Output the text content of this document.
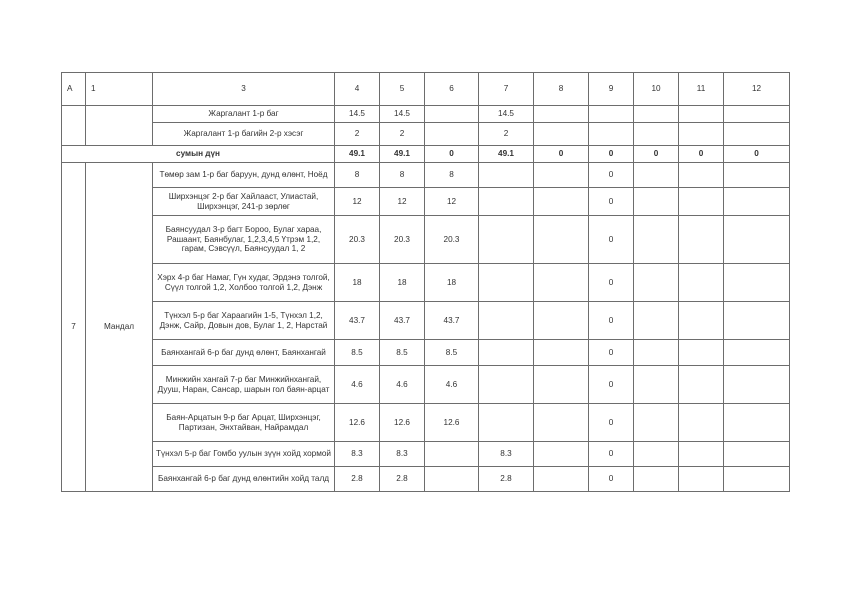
А	1	3	4	5	6	7	8	9	10	11	12
		Жаргалант 1-р баг	14.5	14.5		14.5					
		Жаргалант 1-р багийн 2-р хэсэг	2	2		2					
сумын дүн			49.1	49.1	0	49.1	0	0	0	0	0
7	Мандал	Төмөр зам 1-р баг баруун, дунд өлөнт, Ноёд	8	8	8			0			
		Ширхэнцэг 2-р баг Хайлааст, Улиастай, Ширхэнцэг, 241-р зөрлөг	12	12	12			0			
		Баянсуудал 3-р багт Бороо, Булаг хараа, Рашаант, Баянбулаг, 1,2,3,4,5 Үтрэм 1,2, гарам, Сэвсүүл, Баянсуудал 1, 2	20.3	20.3	20.3			0			
		Хэрх 4-р баг Намаг, Гүн худаг, Эрдэнэ толгой, Сүүл толгой 1,2, Холбоо толгой 1,2, Дэнж	18	18	18			0			
		Түнхэл 5-р баг Хараагийн 1-5, Түнхэл 1,2, Дэнж, Сайр, Довын дов, Булаг 1, 2, Нарстай	43.7	43.7	43.7			0			
		Баянхангай 6-р баг дунд өлөнт, Баянхангай	8.5	8.5	8.5			0			
		Минжийн хангай 7-р баг Минжийнхангай, Дууш, Наран, Сансар, шарын гол баян-арцат	4.6	4.6	4.6			0			
		Баян-Арцатын 9-р баг Арцат, Ширхэнцэг, Партизан, Энхтайван, Найрамдал	12.6	12.6	12.6			0			
		Түнхэл 5-р баг Гомбо уулын зүүн хойд хормой	8.3	8.3		8.3		0			
		Баянхангай 6-р баг дунд өлөнтийн хойд талд	2.8	2.8		2.8		0			
